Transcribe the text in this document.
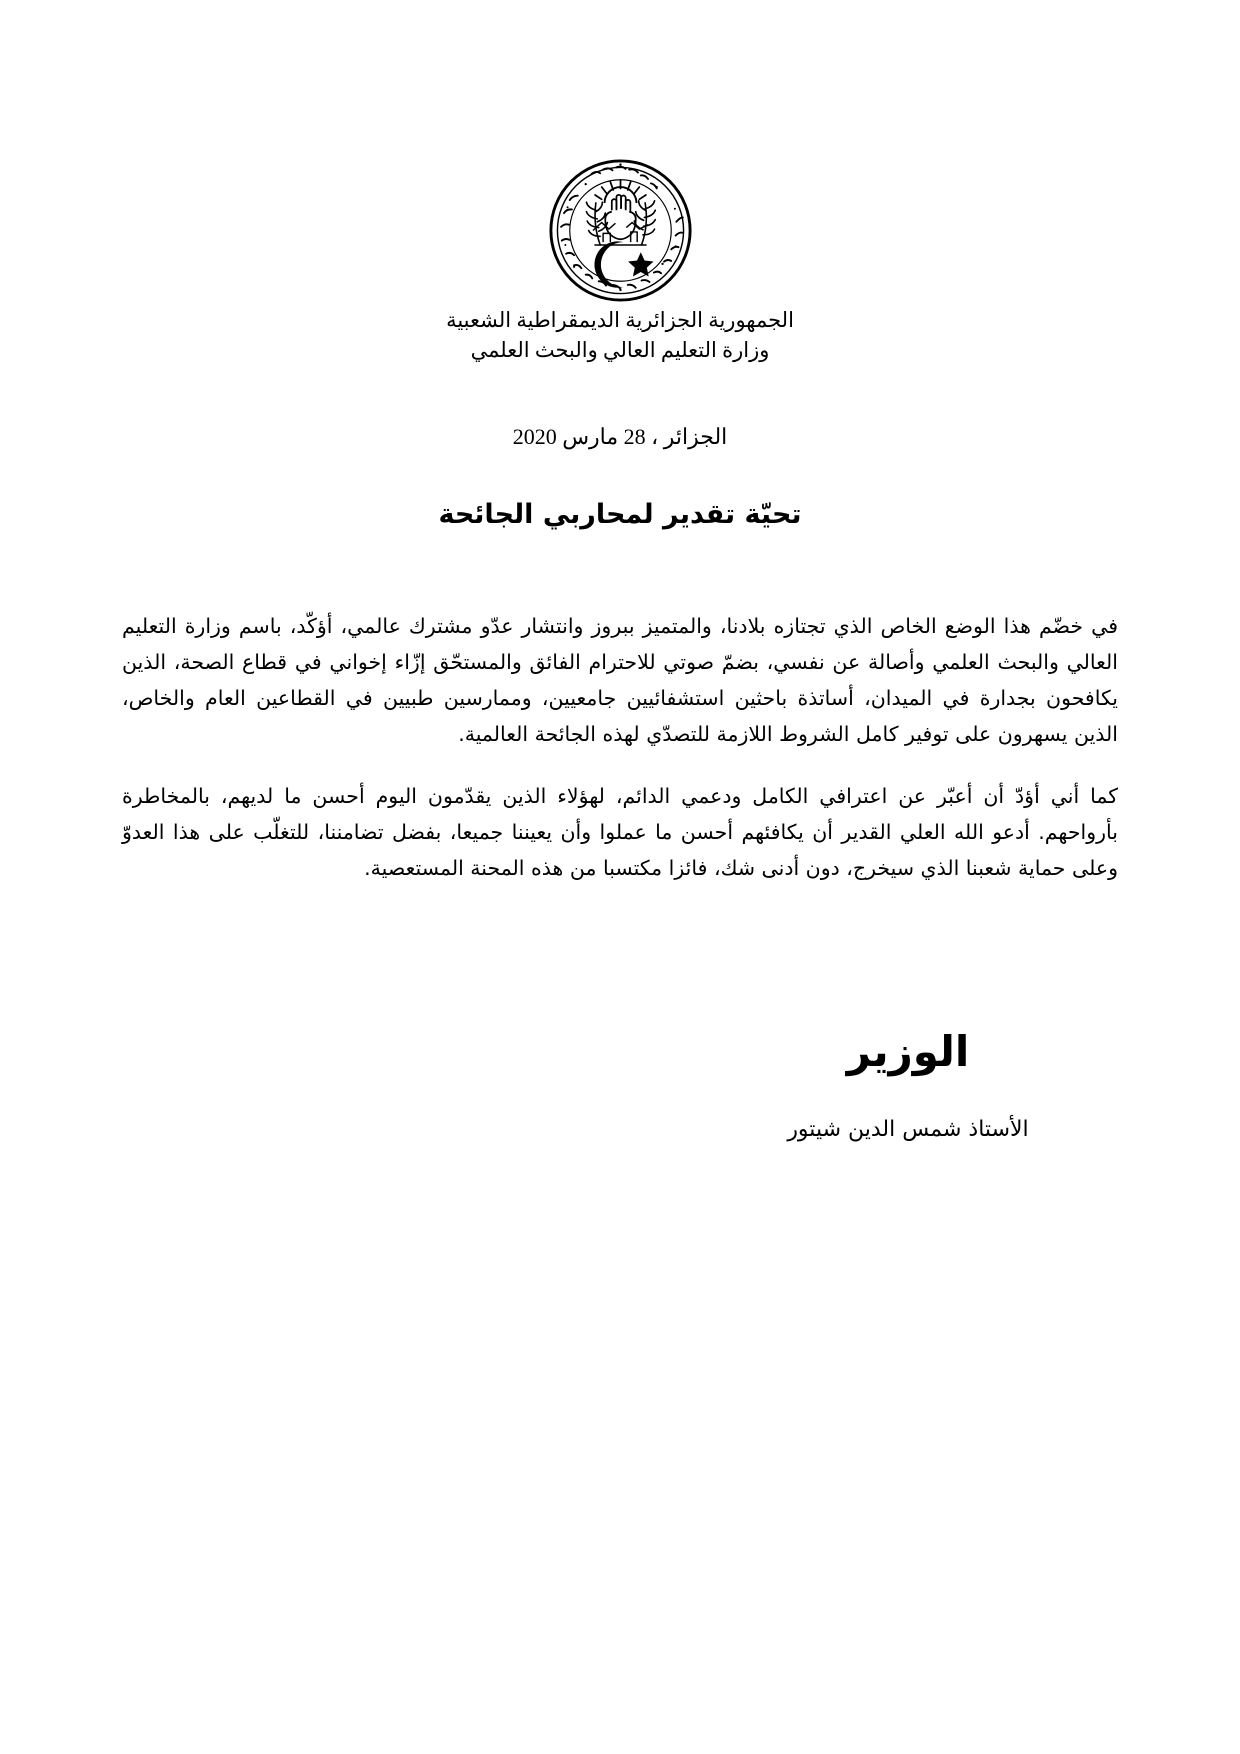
الجمهورية الجزائرية الديمقراطية الشعبية
وزارة التعليم العالي والبحث العلمي
الجزائر ، 28 مارس 2020
تحيّة تقدير لمحاربي الجائحة

في خضّم هذا الوضع الخاص الذي تجتازه بلادنا، والمتميز ببروز وانتشار عدّو مشترك عالمي، أؤكّد، باسم وزارة التعليم العالي والبحث العلمي وأصالة عن نفسي، بضمّ صوتي للاحترام الفائق والمستحّق إزّاء إخواني في قطاع الصحة، الذين يكافحون بجدارة في الميدان، أساتذة باحثين استشفائيين جامعيين، وممارسين طبيين في القطاعين العام والخاص، الذين يسهرون على توفير كامل الشروط اللازمة للتصدّي لهذه الجائحة العالمية.

كما أني أؤدّ أن أعبّر عن اعترافي الكامل ودعمي الدائم، لهؤلاء الذين يقدّمون اليوم أحسن ما لديهم، بالمخاطرة بأرواحهم. أدعو الله العلي القدير أن يكافئهم أحسن ما عملوا وأن يعيننا جميعا، بفضل تضامننا، للتغلّب على هذا العدوّ وعلى حماية شعبنا الذي سيخرج، دون أدنى شك، فائزا مكتسبا من هذه المحنة المستعصية.

الوزير

الأستاذ شمس الدين شيتور
